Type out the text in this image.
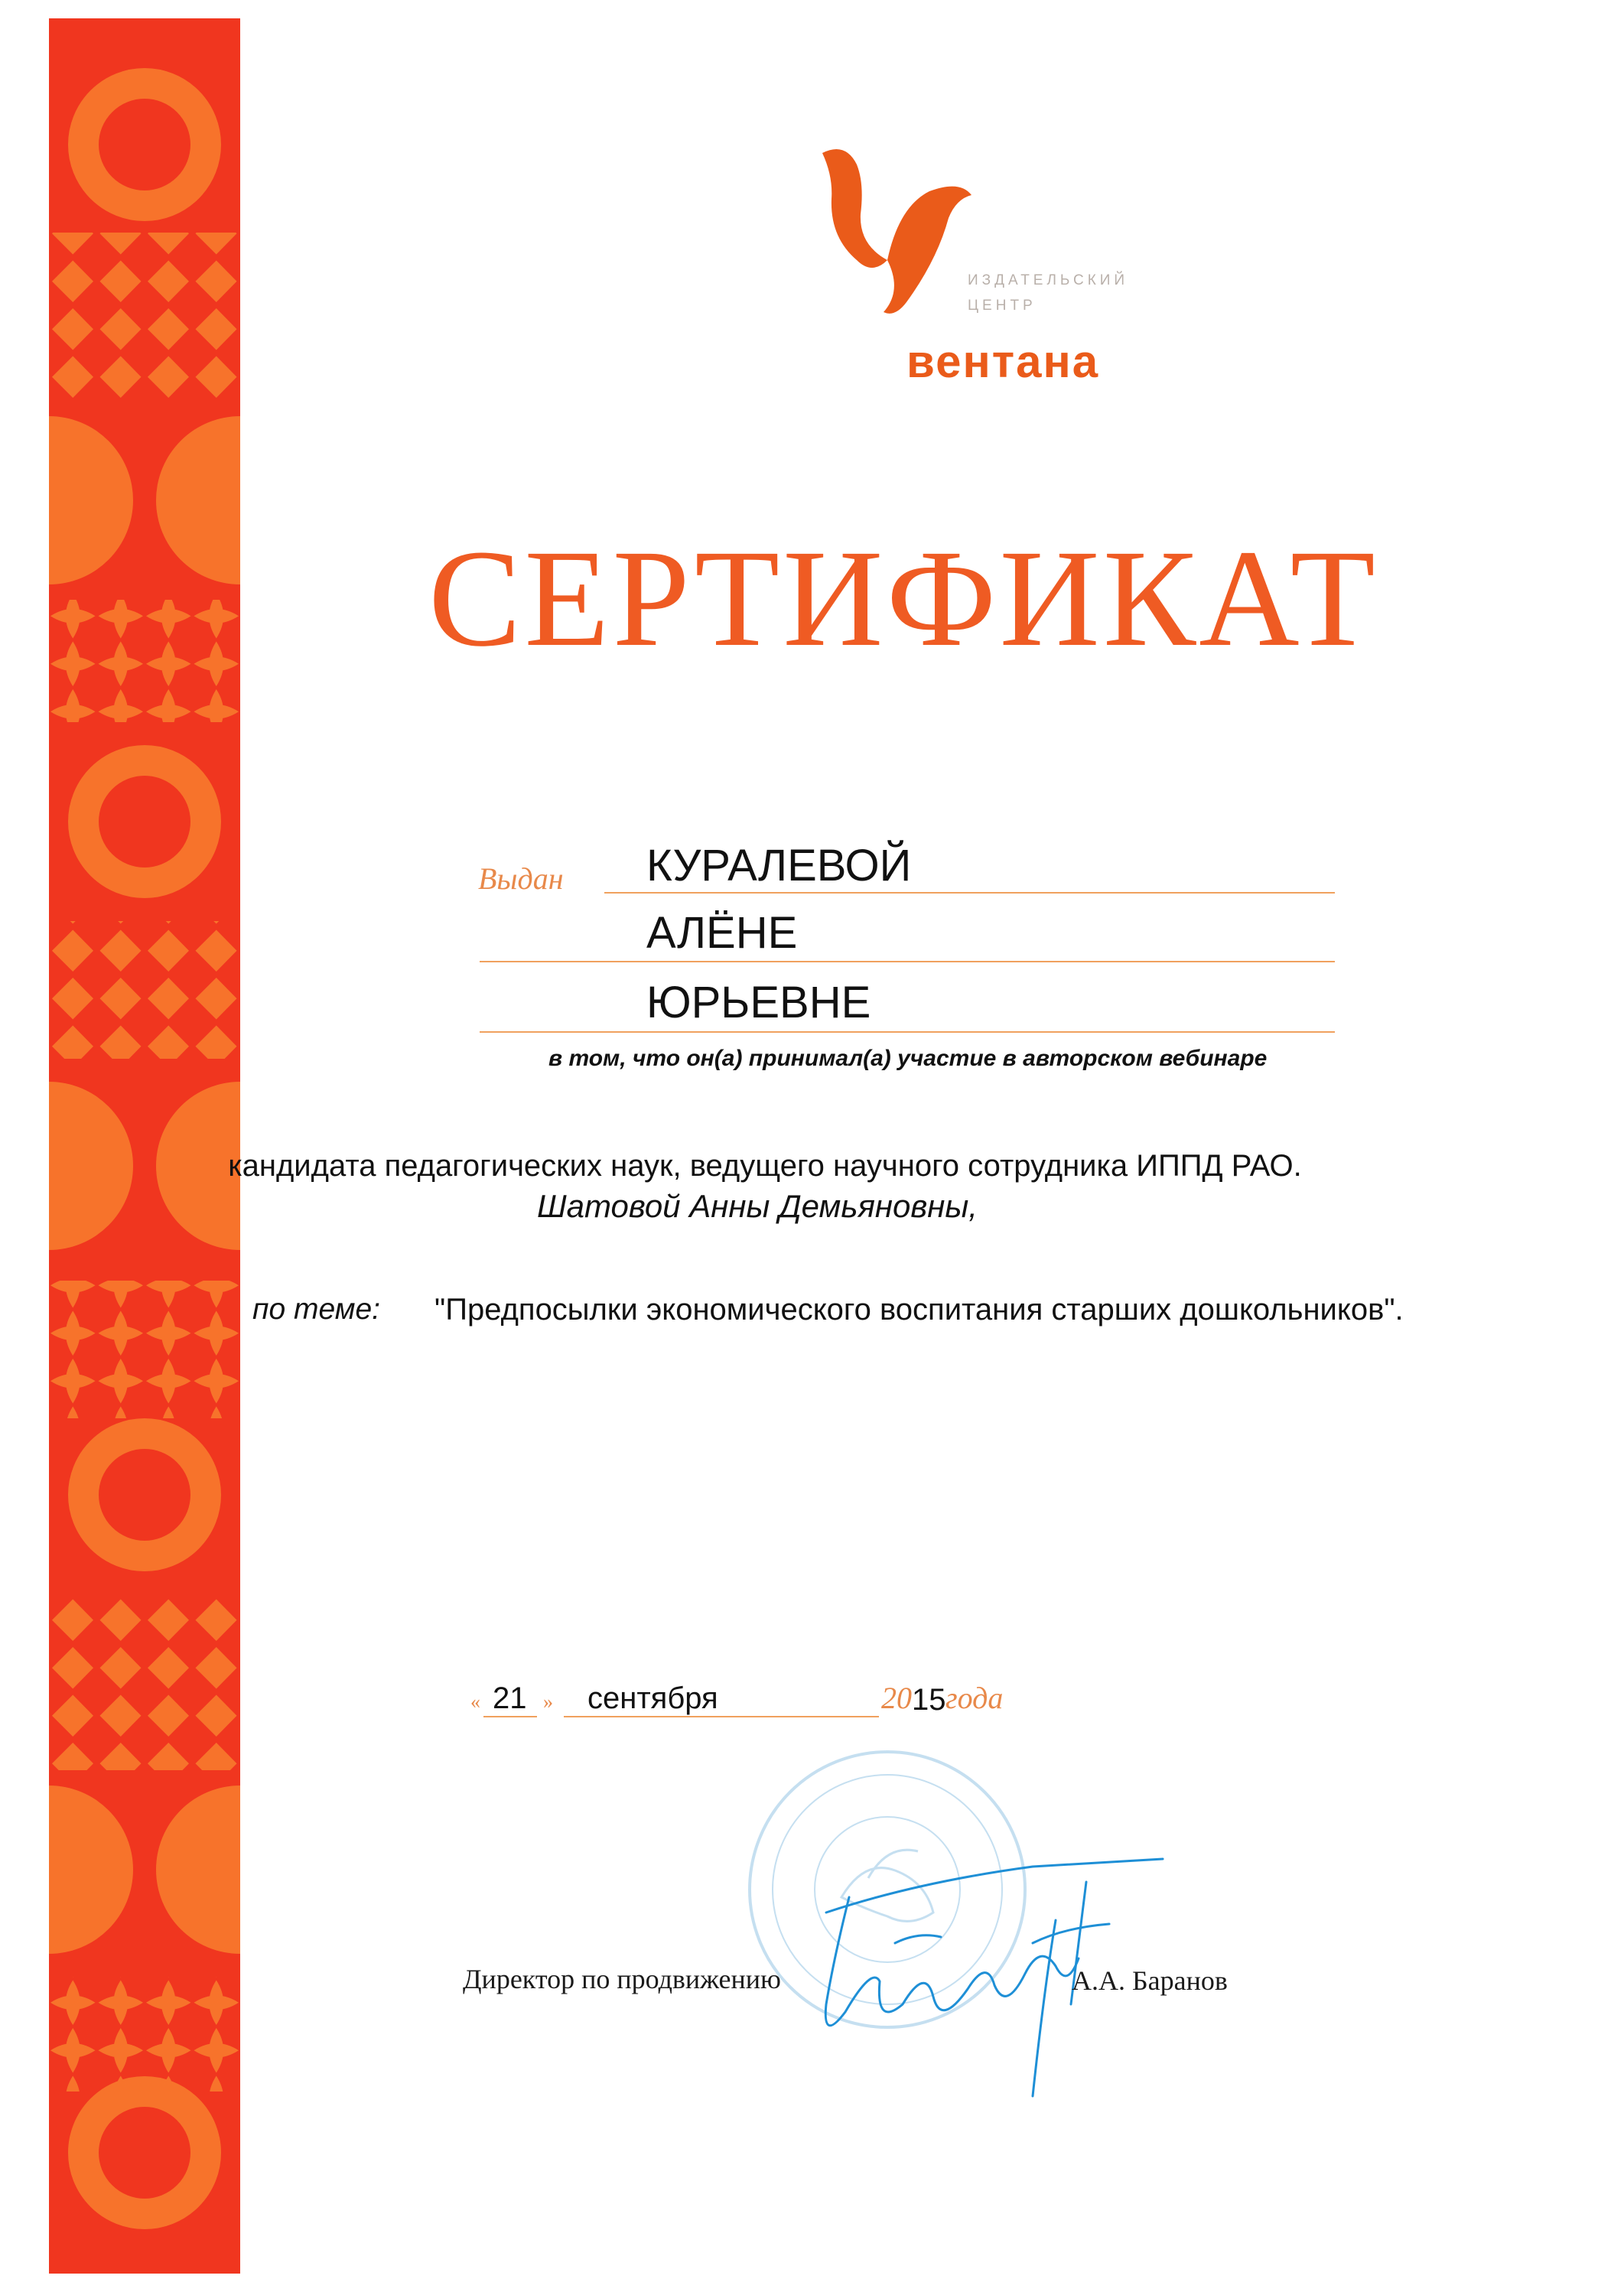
ИЗДАТЕЛЬСКИЙ
ЦЕНТР
вентана
СЕРТИФИКАТ
Выдан КУРАЛЕВОЙ
АЛЁНЕ
ЮРЬЕВНЕ
в том, что он(а) принимал(а) участие в авторском вебинаре
кандидата педагогических наук, ведущего научного сотрудника ИППД РАО.
Шатовой Анны Демьяновны,
по теме: "Предпосылки экономического воспитания старших дошкольников".
« 21 » сентября	20 15 года
Директор по продвижению	А.А. Баранов
